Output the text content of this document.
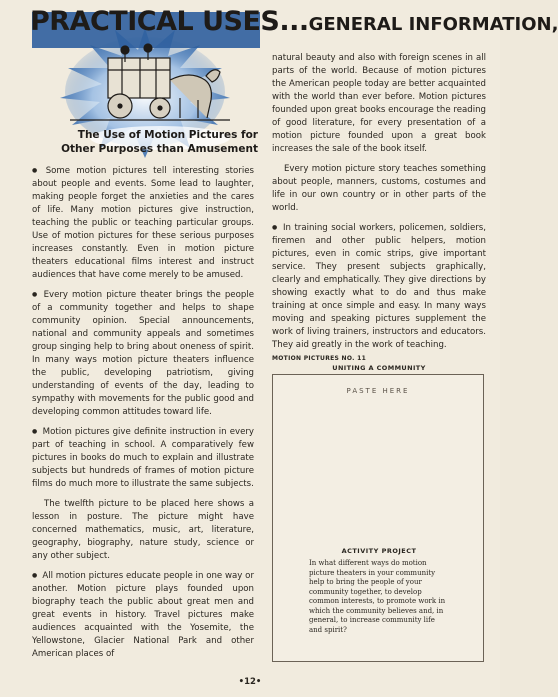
PRACTICAL USES...GENERAL INFORMATION,
The Use of Motion Pictures for
Other Purposes than Amusement

● Some motion pictures tell interesting stories about people and events. Some lead to laughter, making people forget the anxieties and the cares of life. Many motion pictures give instruction, teaching the public or teaching particular groups. Use of motion pictures for these serious purposes increases constantly. Even in motion picture theaters educational films interest and instruct audiences that have come merely to be amused.

● Every motion picture theater brings the people of a community together and helps to shape community opinion. Special announcements, national and community appeals and sometimes group singing help to bring about oneness of spirit. In many ways motion picture theaters influence the public, developing patriotism, giving understanding of events of the day, leading to sympathy with movements for the public good and developing common attitudes toward life.

● Motion pictures give definite instruction in every part of teaching in school. A comparatively few pictures in books do much to explain and illustrate subjects but hundreds of frames of motion picture films do much more to illustrate the same subjects.

The twelfth picture to be placed here shows a lesson in posture. The picture might have concerned mathematics, music, art, literature, geography, biography, nature study, science or any other subject.

● All motion pictures educate people in one way or another. Motion picture plays founded upon biography teach the public about great men and great events in history. Travel pictures make audiences acquainted with the Yosemite, the Yellowstone, Glacier National Park and other American places of

natural beauty and also with foreign scenes in all parts of the world. Because of motion pictures the American people today are better acquainted with the world than ever before. Motion pictures founded upon great books encourage the reading of good literature, for every presentation of a motion picture founded upon a great book increases the sale of the book itself.

Every motion picture story teaches something about people, manners, customs, costumes and life in our own country or in other parts of the world.

● In training social workers, policemen, soldiers, firemen and other public helpers, motion pictures, even in comic strips, give important service. They present subjects graphically, clearly and emphatically. They give directions by showing exactly what to do and thus make training at once simple and easy. In many ways moving and speaking pictures supplement the work of living trainers, instructors and educators. They aid greatly in the work of teaching.

MOTION PICTURES NO. 11
UNITING A COMMUNITY
PASTE HERE
ACTIVITY PROJECT
In what different ways do motion picture theaters in your community help to bring the people of your community together, to develop common interests, to promote work in which the community believes and, in general, to increase community life and spirit?
•12•
